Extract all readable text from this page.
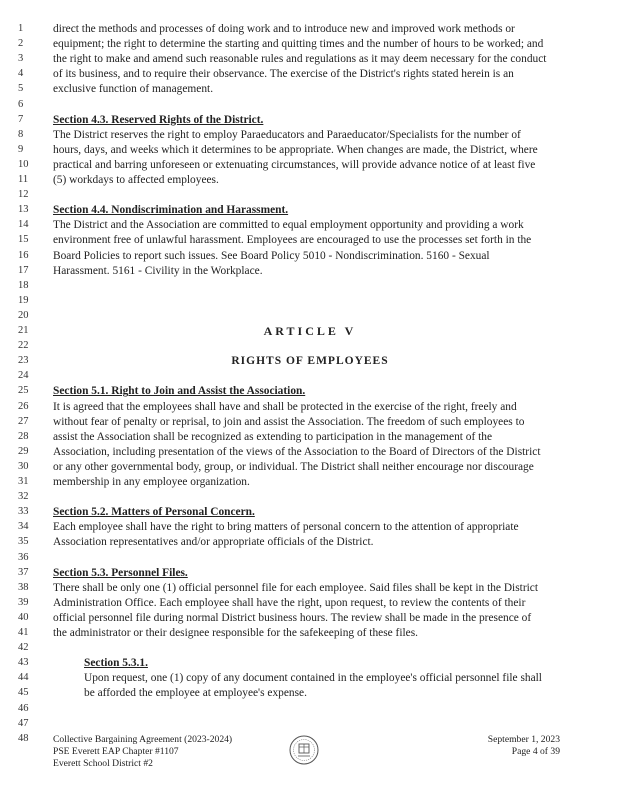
1	direct the methods and processes of doing work and to introduce new and improved work methods or
2	equipment; the right to determine the starting and quitting times and the number of hours to be worked; and
3	the right to make and amend such reasonable rules and regulations as it may deem necessary for the conduct
4	of its business, and to require their observance. The exercise of the District's rights stated herein is an
5	exclusive function of management.
6
7	Section 4.3. Reserved Rights of the District.
8	The District reserves the right to employ Paraeducators and Paraeducator/Specialists for the number of
9	hours, days, and weeks which it determines to be appropriate. When changes are made, the District, where
10	practical and barring unforeseen or extenuating circumstances, will provide advance notice of at least five
11	(5) workdays to affected employees.
12
13	Section 4.4. Nondiscrimination and Harassment.
14	The District and the Association are committed to equal employment opportunity and providing a work
15	environment free of unlawful harassment. Employees are encouraged to use the processes set forth in the
16	Board Policies to report such issues. See Board Policy 5010 - Nondiscrimination. 5160 - Sexual
17	Harassment. 5161 - Civility in the Workplace.
18
19
20
21	ARTICLE V
22
23	RIGHTS OF EMPLOYEES
24
25	Section 5.1. Right to Join and Assist the Association.
26	It is agreed that the employees shall have and shall be protected in the exercise of the right, freely and
27	without fear of penalty or reprisal, to join and assist the Association. The freedom of such employees to
28	assist the Association shall be recognized as extending to participation in the management of the
29	Association, including presentation of the views of the Association to the Board of Directors of the District
30	or any other governmental body, group, or individual. The District shall neither encourage nor discourage
31	membership in any employee organization.
32
33	Section 5.2. Matters of Personal Concern.
34	Each employee shall have the right to bring matters of personal concern to the attention of appropriate
35	Association representatives and/or appropriate officials of the District.
36
37	Section 5.3. Personnel Files.
38	There shall be only one (1) official personnel file for each employee. Said files shall be kept in the District
39	Administration Office. Each employee shall have the right, upon request, to review the contents of their
40	official personnel file during normal District business hours. The review shall be made in the presence of
41	the administrator or their designee responsible for the safekeeping of these files.
42
43	Section 5.3.1.
44	Upon request, one (1) copy of any document contained in the employee's official personnel file shall
45	be afforded the employee at employee's expense.
46
47
48	Collective Bargaining Agreement (2023-2024)
PSE Everett EAP Chapter #1107
Everett School District #2
September 1, 2023
Page 4 of 39
